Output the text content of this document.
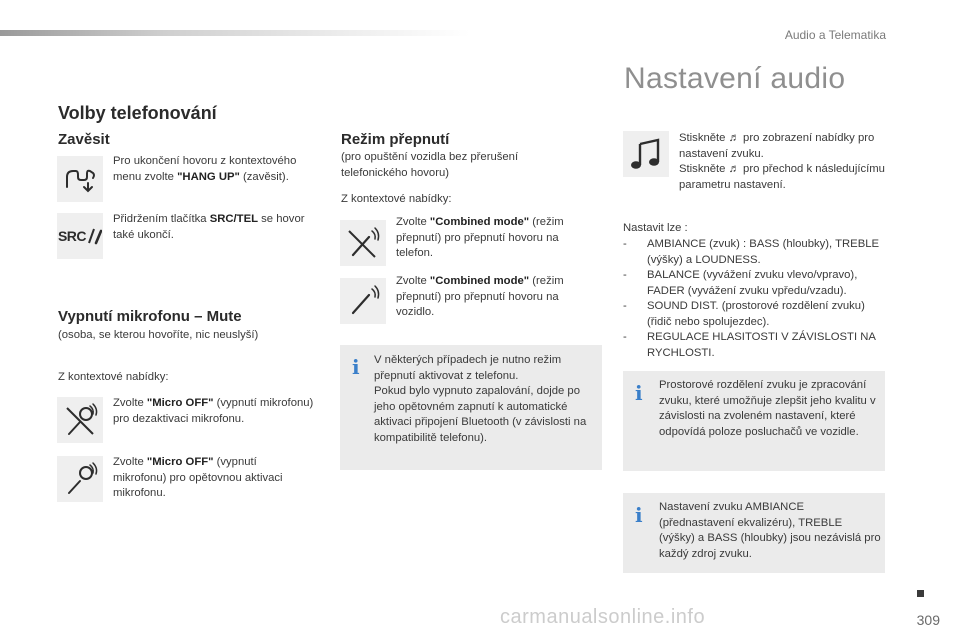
Audio a Telematika
Volby telefonování
Zavěsit
Pro ukončení hovoru z kontextového menu zvolte "HANG UP" (zavěsit).
SRC
Přidržením tlačítka SRC/TEL se hovor také ukončí.
Vypnutí mikrofonu – Mute
(osoba, se kterou hovoříte, nic neuslyší)
Z kontextové nabídky:
Zvolte "Micro OFF" (vypnutí mikrofonu) pro dezaktivaci mikrofonu.
Zvolte "Micro OFF" (vypnutí mikrofonu) pro opětovnou aktivaci mikrofonu.
Režim přepnutí
(pro opuštění vozidla bez přerušení telefonického hovoru)
Z kontextové nabídky:
Zvolte "Combined mode" (režim přepnutí) pro přepnutí hovoru na telefon.
Zvolte "Combined mode" (režim přepnutí) pro přepnutí hovoru na vozidlo.
i V některých případech je nutno režim přepnutí aktivovat z telefonu.
Pokud bylo vypnuto zapalování, dojde po jeho opětovném zapnutí k automatické aktivaci připojení Bluetooth (v závislosti na kompatibilitě telefonu).
Nastavení audio
Stiskněte ♬ pro zobrazení nabídky pro nastavení zvuku.
Stiskněte ♬ pro přechod k následujícímu parametru nastavení.
Nastavit lze :
- AMBIANCE (zvuk) : BASS (hloubky), TREBLE (výšky) a LOUDNESS.
- BALANCE (vyvážení zvuku vlevo/vpravo), FADER (vyvážení zvuku vpředu/vzadu).
- SOUND DIST. (prostorové rozdělení zvuku) (řidič nebo spolujezdec).
- REGULACE HLASITOSTI V ZÁVISLOSTI NA RYCHLOSTI.
i Prostorové rozdělení zvuku je zpracování zvuku, které umožňuje zlepšit jeho kvalitu v závislosti na zvoleném nastavení, které odpovídá poloze posluchačů ve vozidle.
i Nastavení zvuku AMBIANCE (přednastavení ekvalizéru), TREBLE (výšky) a BASS (hloubky) jsou nezávislá pro každý zdroj zvuku.
309
carmanualsonline.info
